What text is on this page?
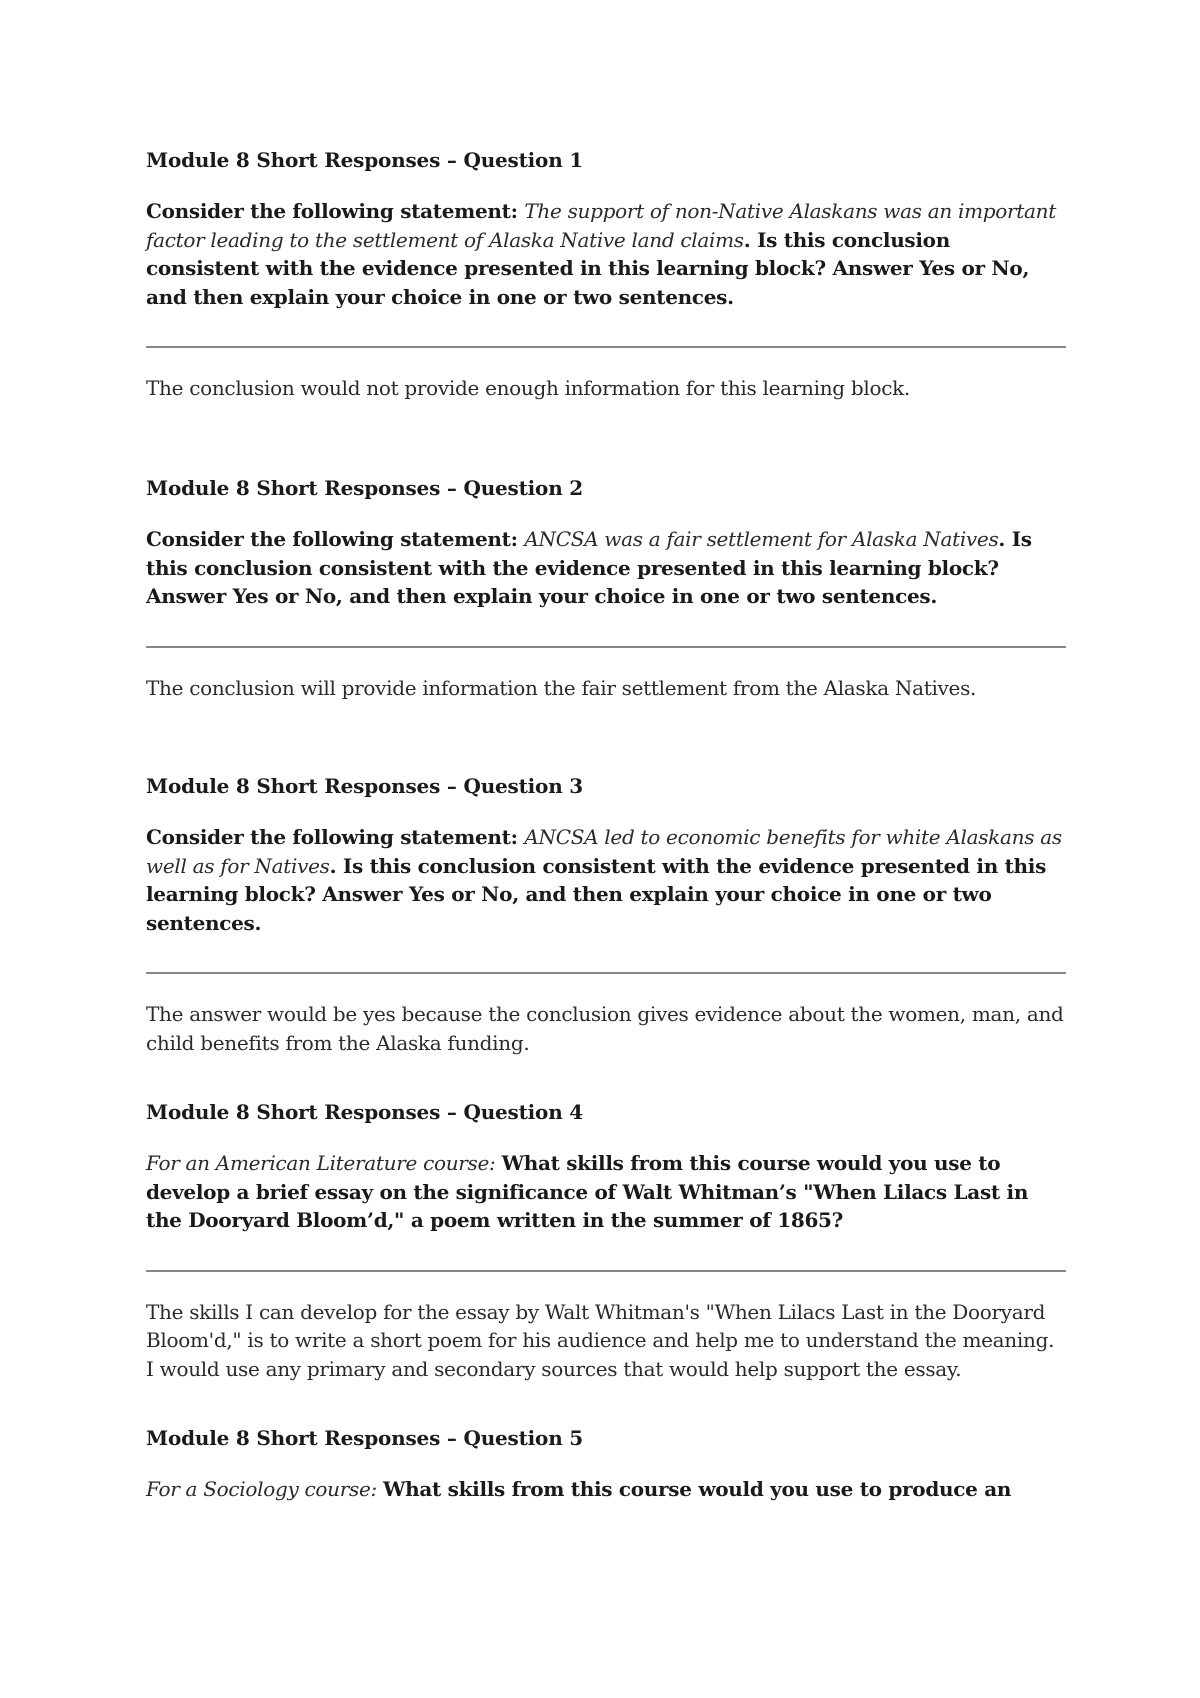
Module 8 Short Responses – Question 1

Consider the following statement: The support of non-Native Alaskans was an important factor leading to the settlement of Alaska Native land claims. Is this conclusion consistent with the evidence presented in this learning block? Answer Yes or No, and then explain your choice in one or two sentences.

The conclusion would not provide enough information for this learning block.

Module 8 Short Responses – Question 2

Consider the following statement: ANCSA was a fair settlement for Alaska Natives. Is this conclusion consistent with the evidence presented in this learning block? Answer Yes or No, and then explain your choice in one or two sentences.

The conclusion will provide information the fair settlement from the Alaska Natives.

Module 8 Short Responses – Question 3

Consider the following statement: ANCSA led to economic benefits for white Alaskans as well as for Natives. Is this conclusion consistent with the evidence presented in this learning block? Answer Yes or No, and then explain your choice in one or two sentences.

The answer would be yes because the conclusion gives evidence about the women, man, and child benefits from the Alaska funding.

Module 8 Short Responses – Question 4

For an American Literature course: What skills from this course would you use to develop a brief essay on the significance of Walt Whitman’s "When Lilacs Last in the Dooryard Bloom’d," a poem written in the summer of 1865?

The skills I can develop for the essay by Walt Whitman's "When Lilacs Last in the Dooryard Bloom'd," is to write a short poem for his audience and help me to understand the meaning. I would use any primary and secondary sources that would help support the essay.

Module 8 Short Responses – Question 5

For a Sociology course: What skills from this course would you use to produce an
